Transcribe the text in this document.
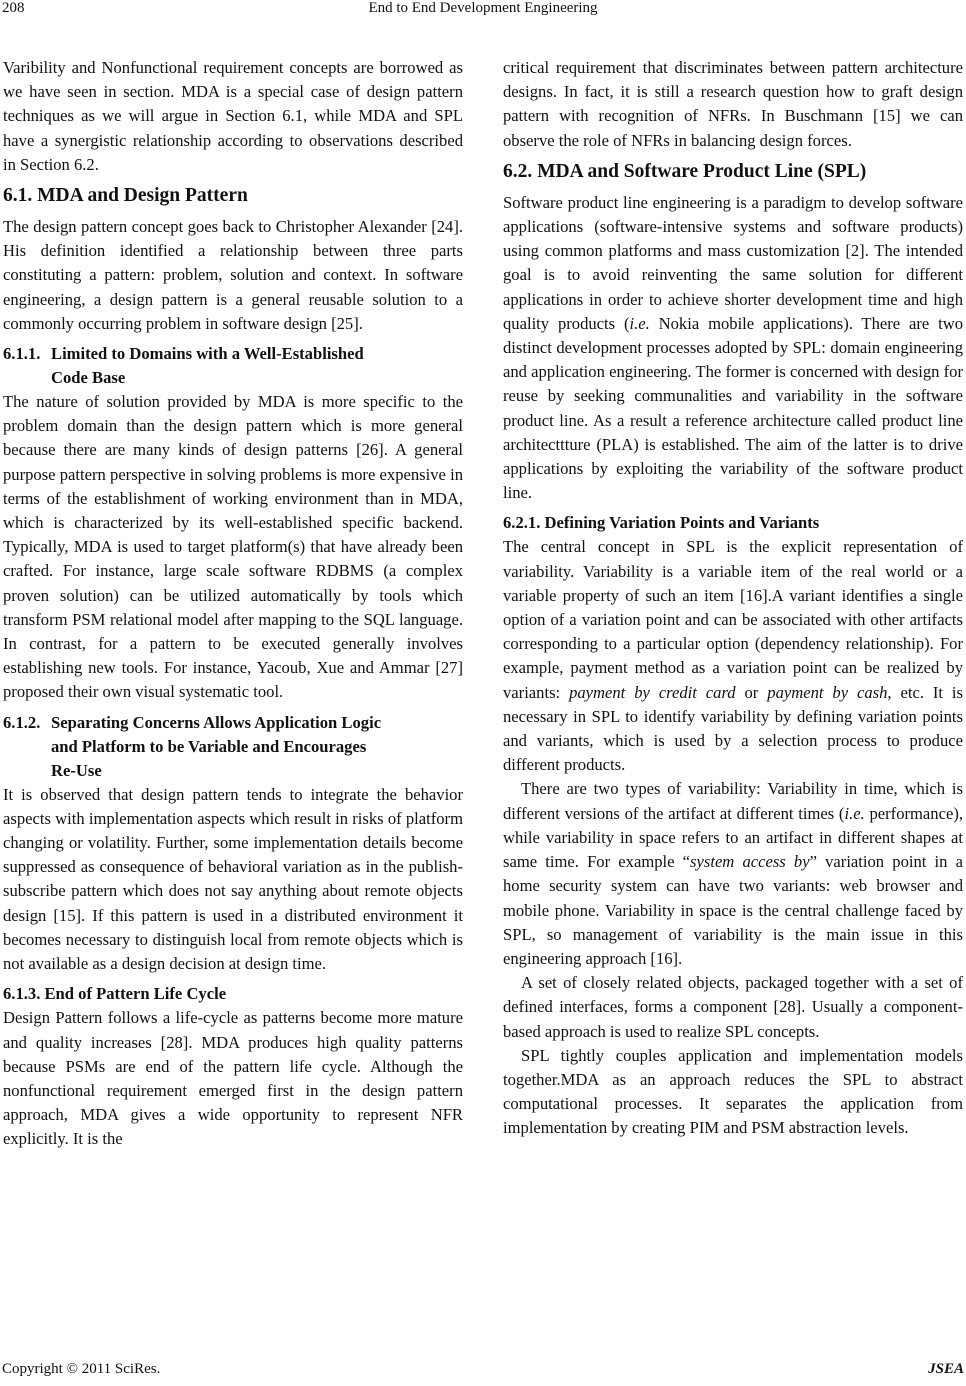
208	End to End Development Engineering

Varibility and Nonfunctional requirement concepts are borrowed as we have seen in section. MDA is a special case of design pattern techniques as we will argue in Section 6.1, while MDA and SPL have a synergistic relationship according to observations described in Section 6.2.

6.1. MDA and Design Pattern

The design pattern concept goes back to Christopher Alexander [24]. His definition identified a relationship between three parts constituting a pattern: problem, solution and context. In software engineering, a design pattern is a general reusable solution to a commonly occurring problem in software design [25].

6.1.1. Limited to Domains with a Well-Established
Code Base

The nature of solution provided by MDA is more specific to the problem domain than the design pattern which is more general because there are many kinds of design patterns [26]. A general purpose pattern perspective in solving problems is more expensive in terms of the establishment of working environment than in MDA, which is characterized by its well-established specific backend. Typically, MDA is used to target platform(s) that have already been crafted. For instance, large scale software RDBMS (a complex proven solution) can be utilized automatically by tools which transform PSM relational model after mapping to the SQL language. In contrast, for a pattern to be executed generally involves establishing new tools. For instance, Yacoub, Xue and Ammar [27] proposed their own visual systematic tool.

6.1.2. Separating Concerns Allows Application Logic
and Platform to be Variable and Encourages
Re-Use

It is observed that design pattern tends to integrate the behavior aspects with implementation aspects which result in risks of platform changing or volatility. Further, some implementation details become suppressed as consequence of behavioral variation as in the publish-subscribe pattern which does not say anything about remote objects design [15]. If this pattern is used in a distributed environment it becomes necessary to distinguish local from remote objects which is not available as a design decision at design time.

6.1.3. End of Pattern Life Cycle

Design Pattern follows a life-cycle as patterns become more mature and quality increases [28]. MDA produces high quality patterns because PSMs are end of the pattern life cycle. Although the nonfunctional requirement emerged first in the design pattern approach, MDA gives a wide opportunity to represent NFR explicitly. It is the

critical requirement that discriminates between pattern architecture designs. In fact, it is still a research question how to graft design pattern with recognition of NFRs. In Buschmann [15] we can observe the role of NFRs in balancing design forces.

6.2. MDA and Software Product Line (SPL)

Software product line engineering is a paradigm to develop software applications (software-intensive systems and software products) using common platforms and mass customization [2]. The intended goal is to avoid reinventing the same solution for different applications in order to achieve shorter development time and high quality products (i.e. Nokia mobile applications). There are two distinct development processes adopted by SPL: domain engineering and application engineering. The former is concerned with design for reuse by seeking communalities and variability in the software product line. As a result a reference architecture called product line architecttture (PLA) is established. The aim of the latter is to drive applications by exploiting the variability of the software product line.

6.2.1. Defining Variation Points and Variants

The central concept in SPL is the explicit representation of variability. Variability is a variable item of the real world or a variable property of such an item [16].A variant identifies a single option of a variation point and can be associated with other artifacts corresponding to a particular option (dependency relationship). For example, payment method as a variation point can be realized by variants: payment by credit card or payment by cash, etc. It is necessary in SPL to identify variability by defining variation points and variants, which is used by a selection process to produce different products.

There are two types of variability: Variability in time, which is different versions of the artifact at different times (i.e. performance), while variability in space refers to an artifact in different shapes at same time. For example “system access by” variation point in a home security system can have two variants: web browser and mobile phone. Variability in space is the central challenge faced by SPL, so management of variability is the main issue in this engineering approach [16].

A set of closely related objects, packaged together with a set of defined interfaces, forms a component [28]. Usually a component-based approach is used to realize SPL concepts.

SPL tightly couples application and implementation models together.MDA as an approach reduces the SPL to abstract computational processes. It separates the application from implementation by creating PIM and PSM abstraction levels.

Copyright © 2011 SciRes.	JSEA
